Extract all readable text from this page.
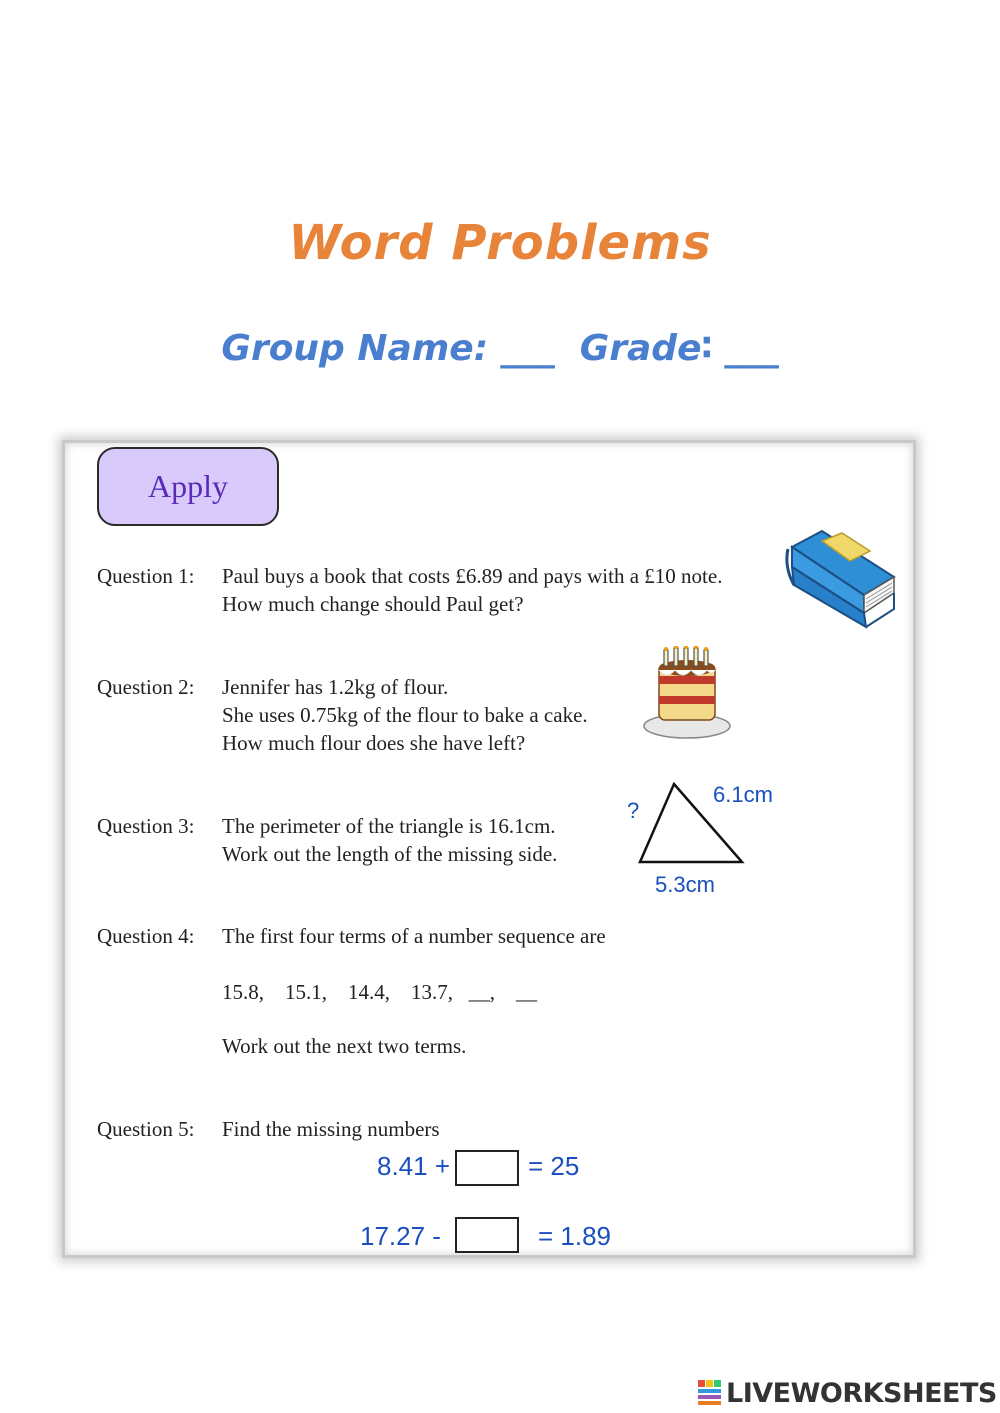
Word Problems
Group Name: ___  Grade∶ ___
Apply
Question 1: Paul buys a book that costs £6.89 and pays with a £10 note.
How much change should Paul get?
Question 2: Jennifer has 1.2kg of flour.
She uses 0.75kg of the flour to bake a cake.
How much flour does she have left?
Question 3: The perimeter of the triangle is 16.1cm.
Work out the length of the missing side.
?
6.1cm
5.3cm
Question 4: The first four terms of a number sequence are
15.8,    15.1,    14.4,    13.7,   __,    __
Work out the next two terms.
Question 5: Find the missing numbers
8.41 +	= 25
17.27 -	= 1.89
LIVEWORKSHEETS
